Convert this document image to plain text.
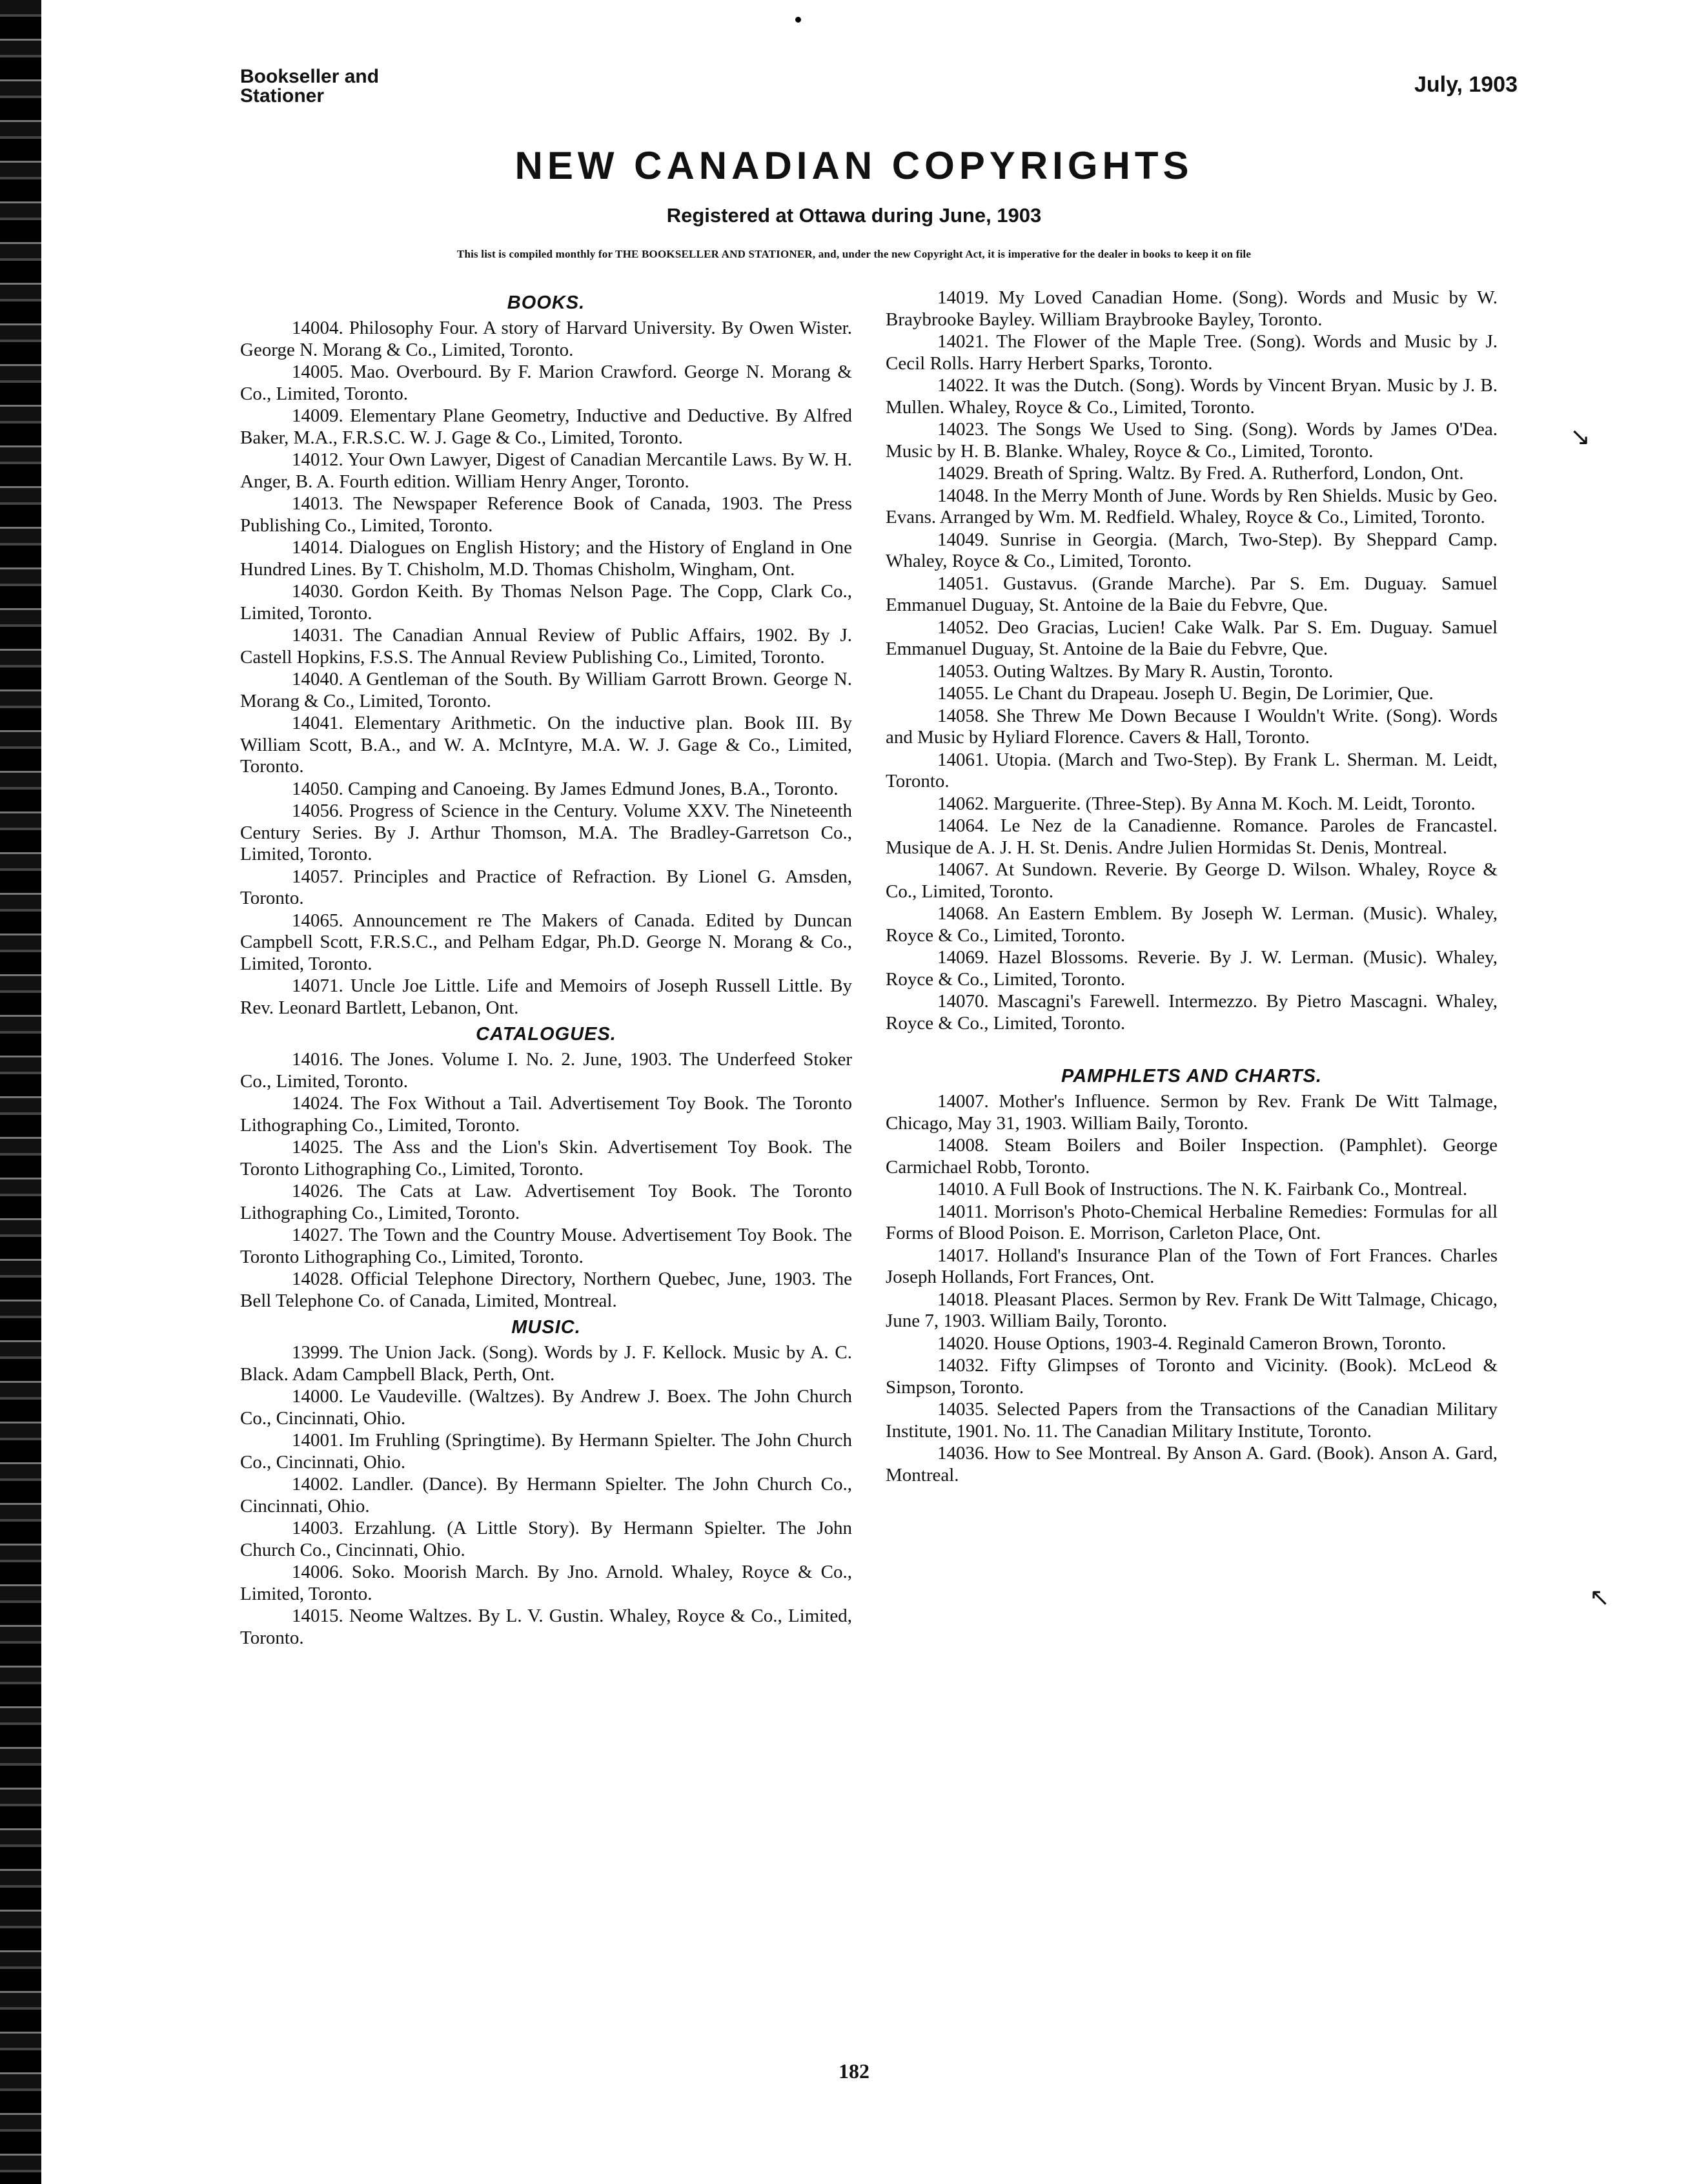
Bookseller and
Stationer	July, 1903
NEW CANADIAN COPYRIGHTS
Registered at Ottawa during June, 1903
This list is compiled monthly for THE BOOKSELLER AND STATIONER, and, under the new Copyright Act, it is imperative for the dealer in books to keep it on file
BOOKS.

14004. Philosophy Four. A story of Harvard University. By Owen Wister. George N. Morang & Co., Limited, Toronto.

14005. Mao. Overbourd. By F. Marion Crawford. George N. Morang & Co., Limited, Toronto.

14009. Elementary Plane Geometry, Inductive and Deductive. By Alfred Baker, M.A., F.R.S.C. W. J. Gage & Co., Limited, Toronto.

14012. Your Own Lawyer, Digest of Canadian Mercantile Laws. By W. H. Anger, B. A. Fourth edition. William Henry Anger, Toronto.

14013. The Newspaper Reference Book of Canada, 1903. The Press Publishing Co., Limited, Toronto.

14014. Dialogues on English History; and the History of England in One Hundred Lines. By T. Chisholm, M.D. Thomas Chisholm, Wingham, Ont.

14030. Gordon Keith. By Thomas Nelson Page. The Copp, Clark Co., Limited, Toronto.

14031. The Canadian Annual Review of Public Affairs, 1902. By J. Castell Hopkins, F.S.S. The Annual Review Publishing Co., Limited, Toronto.

14040. A Gentleman of the South. By William Garrott Brown. George N. Morang & Co., Limited, Toronto.

14041. Elementary Arithmetic. On the inductive plan. Book III. By William Scott, B.A., and W. A. McIntyre, M.A. W. J. Gage & Co., Limited, Toronto.

14050. Camping and Canoeing. By James Edmund Jones, B.A., Toronto.

14056. Progress of Science in the Century. Volume XXV. The Nineteenth Century Series. By J. Arthur Thomson, M.A. The Bradley-Garretson Co., Limited, Toronto.

14057. Principles and Practice of Refraction. By Lionel G. Amsden, Toronto.

14065. Announcement re The Makers of Canada. Edited by Duncan Campbell Scott, F.R.S.C., and Pelham Edgar, Ph.D. George N. Morang & Co., Limited, Toronto.

14071. Uncle Joe Little. Life and Memoirs of Joseph Russell Little. By Rev. Leonard Bartlett, Lebanon, Ont.

CATALOGUES.

14016. The Jones. Volume I. No. 2. June, 1903. The Underfeed Stoker Co., Limited, Toronto.

14024. The Fox Without a Tail. Advertisement Toy Book. The Toronto Lithographing Co., Limited, Toronto.

14025. The Ass and the Lion's Skin. Advertisement Toy Book. The Toronto Lithographing Co., Limited, Toronto.

14026. The Cats at Law. Advertisement Toy Book. The Toronto Lithographing Co., Limited, Toronto.

14027. The Town and the Country Mouse. Advertisement Toy Book. The Toronto Lithographing Co., Limited, Toronto.

14028. Official Telephone Directory, Northern Quebec, June, 1903. The Bell Telephone Co. of Canada, Limited, Montreal.

MUSIC.

13999. The Union Jack. (Song). Words by J. F. Kellock. Music by A. C. Black. Adam Campbell Black, Perth, Ont.

14000. Le Vaudeville. (Waltzes). By Andrew J. Boex. The John Church Co., Cincinnati, Ohio.

14001. Im Fruhling (Springtime). By Hermann Spielter. The John Church Co., Cincinnati, Ohio.

14002. Landler. (Dance). By Hermann Spielter. The John Church Co., Cincinnati, Ohio.

14003. Erzahlung. (A Little Story). By Hermann Spielter. The John Church Co., Cincinnati, Ohio.

14006. Soko. Moorish March. By Jno. Arnold. Whaley, Royce & Co., Limited, Toronto.

14015. Neome Waltzes. By L. V. Gustin. Whaley, Royce & Co., Limited, Toronto.

14019. My Loved Canadian Home. (Song). Words and Music by W. Braybrooke Bayley. William Braybrooke Bayley, Toronto.

14021. The Flower of the Maple Tree. (Song). Words and Music by J. Cecil Rolls. Harry Herbert Sparks, Toronto.

14022. It was the Dutch. (Song). Words by Vincent Bryan. Music by J. B. Mullen. Whaley, Royce & Co., Limited, Toronto.

14023. The Songs We Used to Sing. (Song). Words by James O'Dea. Music by H. B. Blanke. Whaley, Royce & Co., Limited, Toronto.

14029. Breath of Spring. Waltz. By Fred. A. Rutherford, London, Ont.

14048. In the Merry Month of June. Words by Ren Shields. Music by Geo. Evans. Arranged by Wm. M. Redfield. Whaley, Royce & Co., Limited, Toronto.

14049. Sunrise in Georgia. (March, Two-Step). By Sheppard Camp. Whaley, Royce & Co., Limited, Toronto.

14051. Gustavus. (Grande Marche). Par S. Em. Duguay. Samuel Emmanuel Duguay, St. Antoine de la Baie du Febvre, Que.

14052. Deo Gracias, Lucien! Cake Walk. Par S. Em. Duguay. Samuel Emmanuel Duguay, St. Antoine de la Baie du Febvre, Que.

14053. Outing Waltzes. By Mary R. Austin, Toronto.

14055. Le Chant du Drapeau. Joseph U. Begin, De Lorimier, Que.

14058. She Threw Me Down Because I Wouldn't Write. (Song). Words and Music by Hyliard Florence. Cavers & Hall, Toronto.

14061. Utopia. (March and Two-Step). By Frank L. Sherman. M. Leidt, Toronto.

14062. Marguerite. (Three-Step). By Anna M. Koch. M. Leidt, Toronto.

14064. Le Nez de la Canadienne. Romance. Paroles de Francastel. Musique de A. J. H. St. Denis. Andre Julien Hormidas St. Denis, Montreal.

14067. At Sundown. Reverie. By George D. Wilson. Whaley, Royce & Co., Limited, Toronto.

14068. An Eastern Emblem. By Joseph W. Lerman. (Music). Whaley, Royce & Co., Limited, Toronto.

14069. Hazel Blossoms. Reverie. By J. W. Lerman. (Music). Whaley, Royce & Co., Limited, Toronto.

14070. Mascagni's Farewell. Intermezzo. By Pietro Mascagni. Whaley, Royce & Co., Limited, Toronto.

PAMPHLETS AND CHARTS.

14007. Mother's Influence. Sermon by Rev. Frank De Witt Talmage, Chicago, May 31, 1903. William Baily, Toronto.

14008. Steam Boilers and Boiler Inspection. (Pamphlet). George Carmichael Robb, Toronto.

14010. A Full Book of Instructions. The N. K. Fairbank Co., Montreal.

14011. Morrison's Photo-Chemical Herbaline Remedies: Formulas for all Forms of Blood Poison. E. Morrison, Carleton Place, Ont.

14017. Holland's Insurance Plan of the Town of Fort Frances. Charles Joseph Hollands, Fort Frances, Ont.

14018. Pleasant Places. Sermon by Rev. Frank De Witt Talmage, Chicago, June 7, 1903. William Baily, Toronto.

14020. House Options, 1903-4. Reginald Cameron Brown, Toronto.

14032. Fifty Glimpses of Toronto and Vicinity. (Book). McLeod & Simpson, Toronto.

14035. Selected Papers from the Transactions of the Canadian Military Institute, 1901. No. 11. The Canadian Military Institute, Toronto.

14036. How to See Montreal. By Anson A. Gard. (Book). Anson A. Gard, Montreal.

182
↘
↖
